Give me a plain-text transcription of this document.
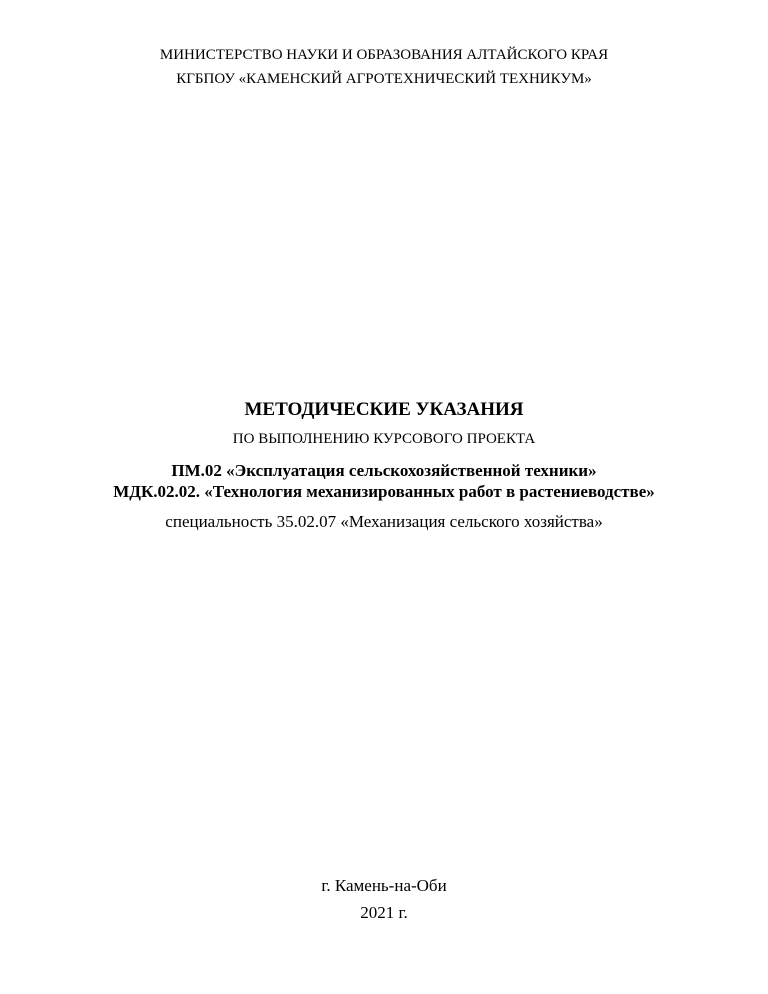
МИНИСТЕРСТВО НАУКИ И ОБРАЗОВАНИЯ АЛТАЙСКОГО КРАЯ
КГБПОУ «КАМЕНСКИЙ АГРОТЕХНИЧЕСКИЙ ТЕХНИКУМ»
МЕТОДИЧЕСКИЕ УКАЗАНИЯ
ПО ВЫПОЛНЕНИЮ КУРСОВОГО ПРОЕКТА
ПМ.02 «Эксплуатация сельскохозяйственной техники»
МДК.02.02. «Технология механизированных работ в растениеводстве»
специальность 35.02.07 «Механизация сельского хозяйства»
г. Камень-на-Оби
2021 г.
